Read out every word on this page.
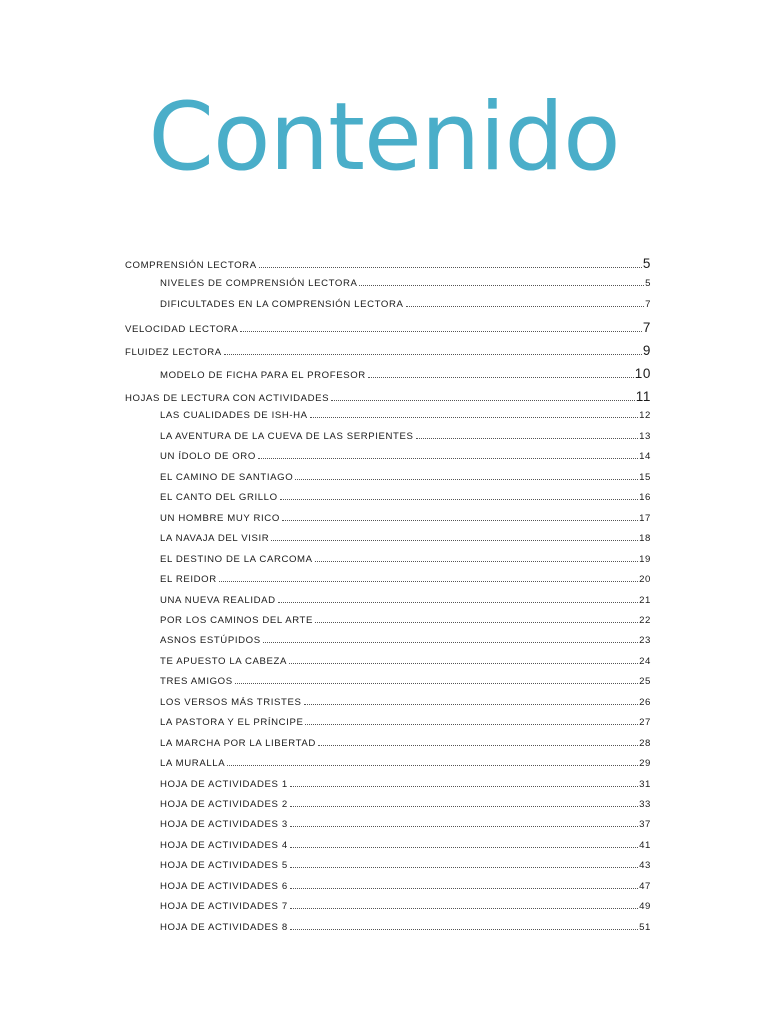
Contenido
COMPRENSIÓN LECTORA	5
NIVELES DE COMPRENSIÓN LECTORA	5
DIFICULTADES EN LA COMPRENSIÓN LECTORA	7
VELOCIDAD LECTORA	7
FLUIDEZ LECTORA	9
MODELO DE FICHA PARA EL PROFESOR	10
HOJAS DE LECTURA CON ACTIVIDADES	11
LAS CUALIDADES DE ISH-HA	12
LA AVENTURA DE LA CUEVA DE LAS SERPIENTES	13
UN ÍDOLO DE ORO	14
EL CAMINO DE SANTIAGO	15
EL CANTO DEL GRILLO	16
UN HOMBRE MUY RICO	17
LA NAVAJA DEL VISIR	18
EL DESTINO DE LA CARCOMA	19
EL REIDOR	20
UNA NUEVA REALIDAD	21
POR LOS CAMINOS DEL ARTE	22
ASNOS ESTÚPIDOS	23
TE APUESTO LA CABEZA	24
TRES AMIGOS	25
LOS VERSOS MÁS TRISTES	26
LA PASTORA Y EL PRÍNCIPE	27
LA MARCHA POR LA LIBERTAD	28
LA MURALLA	29
HOJA DE ACTIVIDADES 1	31
HOJA DE ACTIVIDADES 2	33
HOJA DE ACTIVIDADES 3	37
HOJA DE ACTIVIDADES 4	41
HOJA DE ACTIVIDADES 5	43
HOJA DE ACTIVIDADES 6	47
HOJA DE ACTIVIDADES 7	49
HOJA DE ACTIVIDADES 8	51
